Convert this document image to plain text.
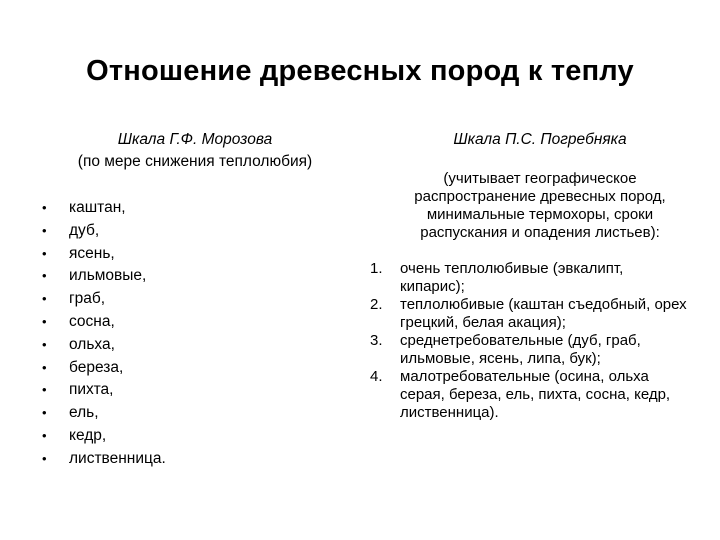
Отношение древесных пород к теплу
Шкала Г.Ф. Морозова
(по мере снижения теплолюбия)
Шкала П.С. Погребняка
• каштан,
• дуб,
• ясень,
• ильмовые,
• граб,
• сосна,
• ольха,
• береза,
• пихта,
• ель,
• кедр,
• лиственница.
(учитывает географическое распространение древесных пород, минимальные термохоры, сроки распускания и опадения листьев):
1. очень теплолюбивые (эвкалипт, кипарис);
2. теплолюбивые (каштан съедобный, орех грецкий, белая акация);
3. среднетребовательные (дуб, граб, ильмовые, ясень, липа, бук);
4. малотребовательные (осина, ольха серая, береза, ель, пихта, сосна, кедр, лиственница).
